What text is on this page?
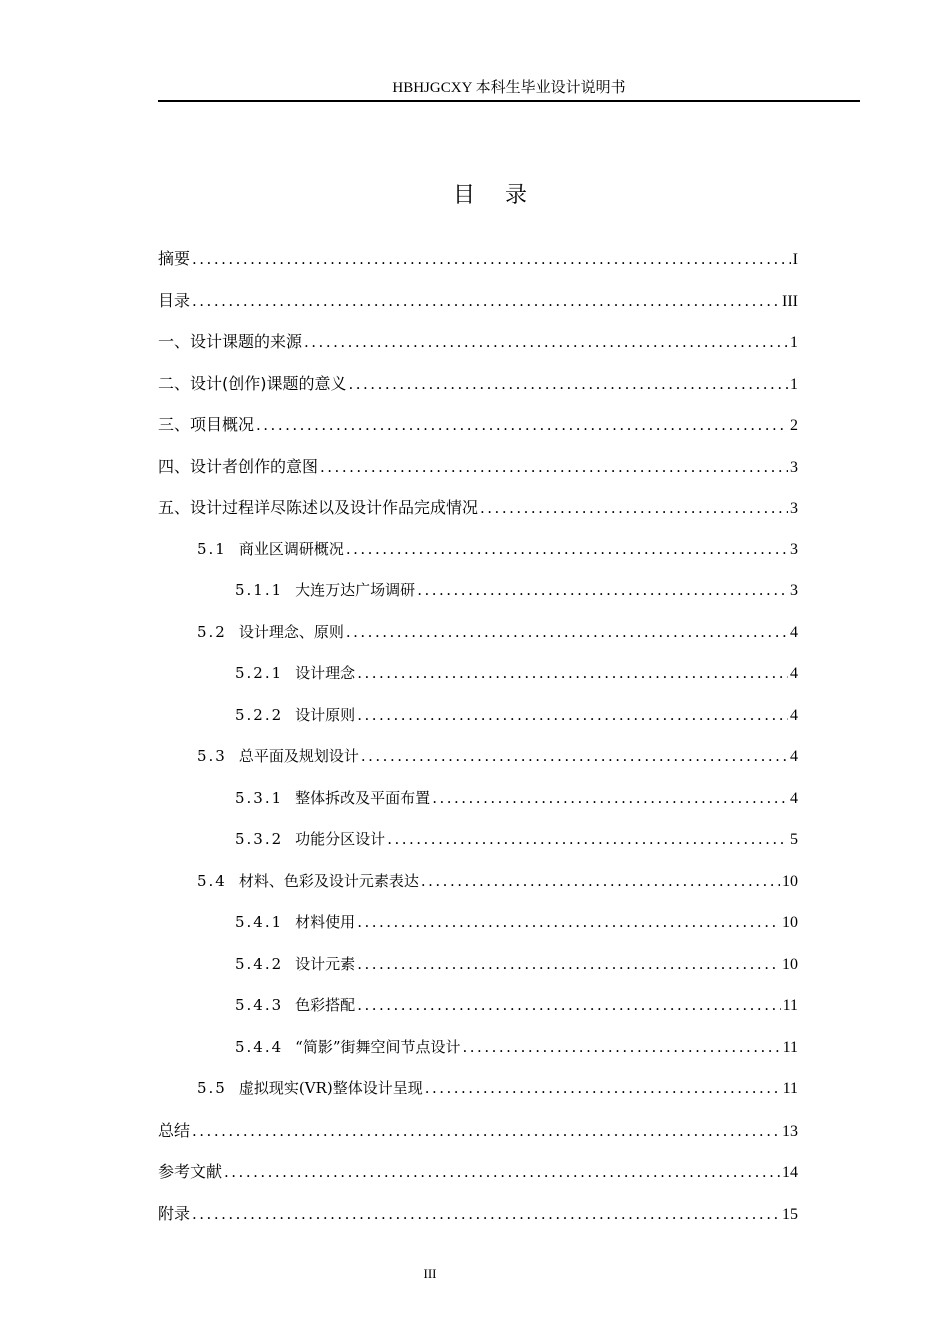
HBHJGCXY 本科生毕业设计说明书
目录
摘要 .....	I
目录 .....	III
一、设计课题的来源 .....	1
二、设计(创作)课题的意义 .....	1
三、项目概况 .....	2
四、设计者创作的意图 .....	3
五、设计过程详尽陈述以及设计作品完成情况 .....	3
5.1 商业区调研概况 .....	3
5.1.1 大连万达广场调研 .....	3
5.2 设计理念、原则 .....	4
5.2.1 设计理念 .....	4
5.2.2 设计原则 .....	4
5.3 总平面及规划设计 .....	4
5.3.1 整体拆改及平面布置 .....	4
5.3.2 功能分区设计 .....	5
5.4 材料、色彩及设计元素表达 .....	10
5.4.1 材料使用 .....	10
5.4.2 设计元素 .....	10
5.4.3 色彩搭配 .....	11
5.4.4 “简影”街舞空间节点设计 .....	11
5.5 虚拟现实(VR)整体设计呈现 .....	11
总结 .....	13
参考文献 .....	14
附录 .....	15
III
